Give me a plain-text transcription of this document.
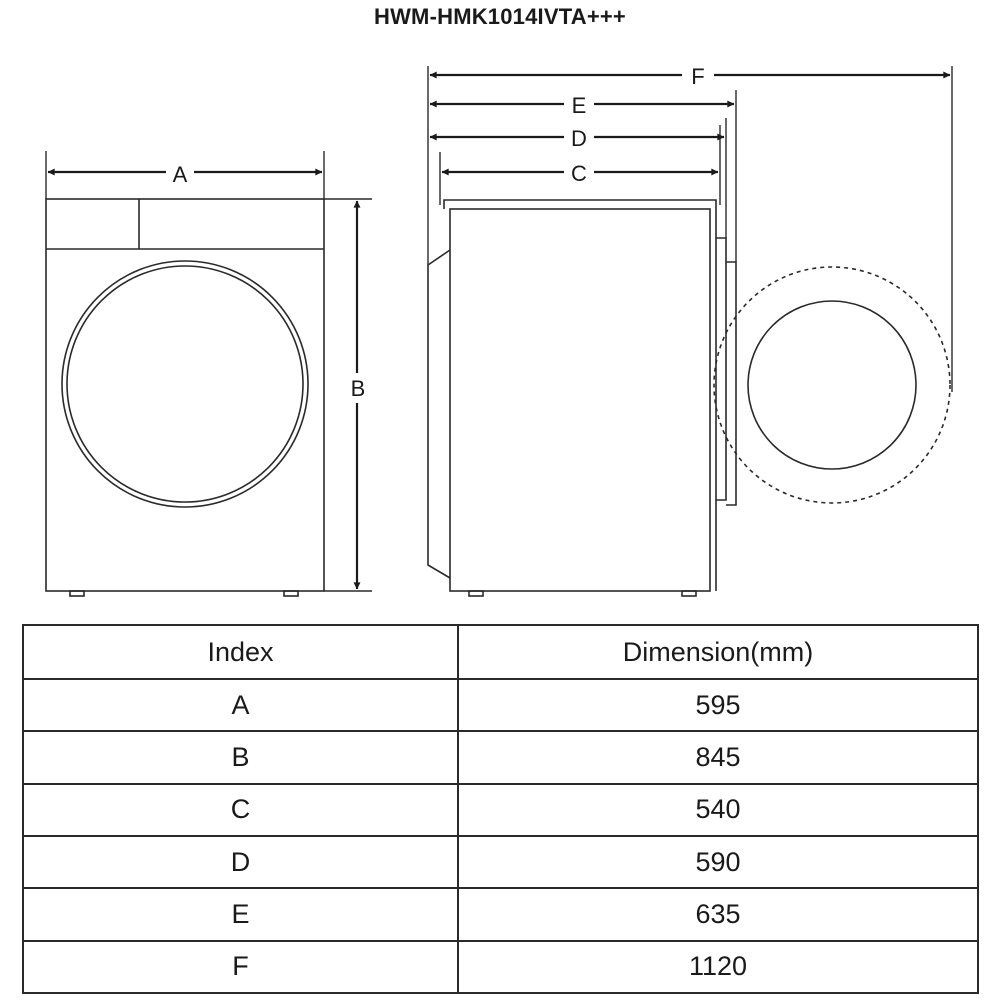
HWM-HMK1014IVTA+++
A
B
F
E
D
C
Index	Dimension(mm)
A	595
B	845
C	540
D	590
E	635
F	1120
